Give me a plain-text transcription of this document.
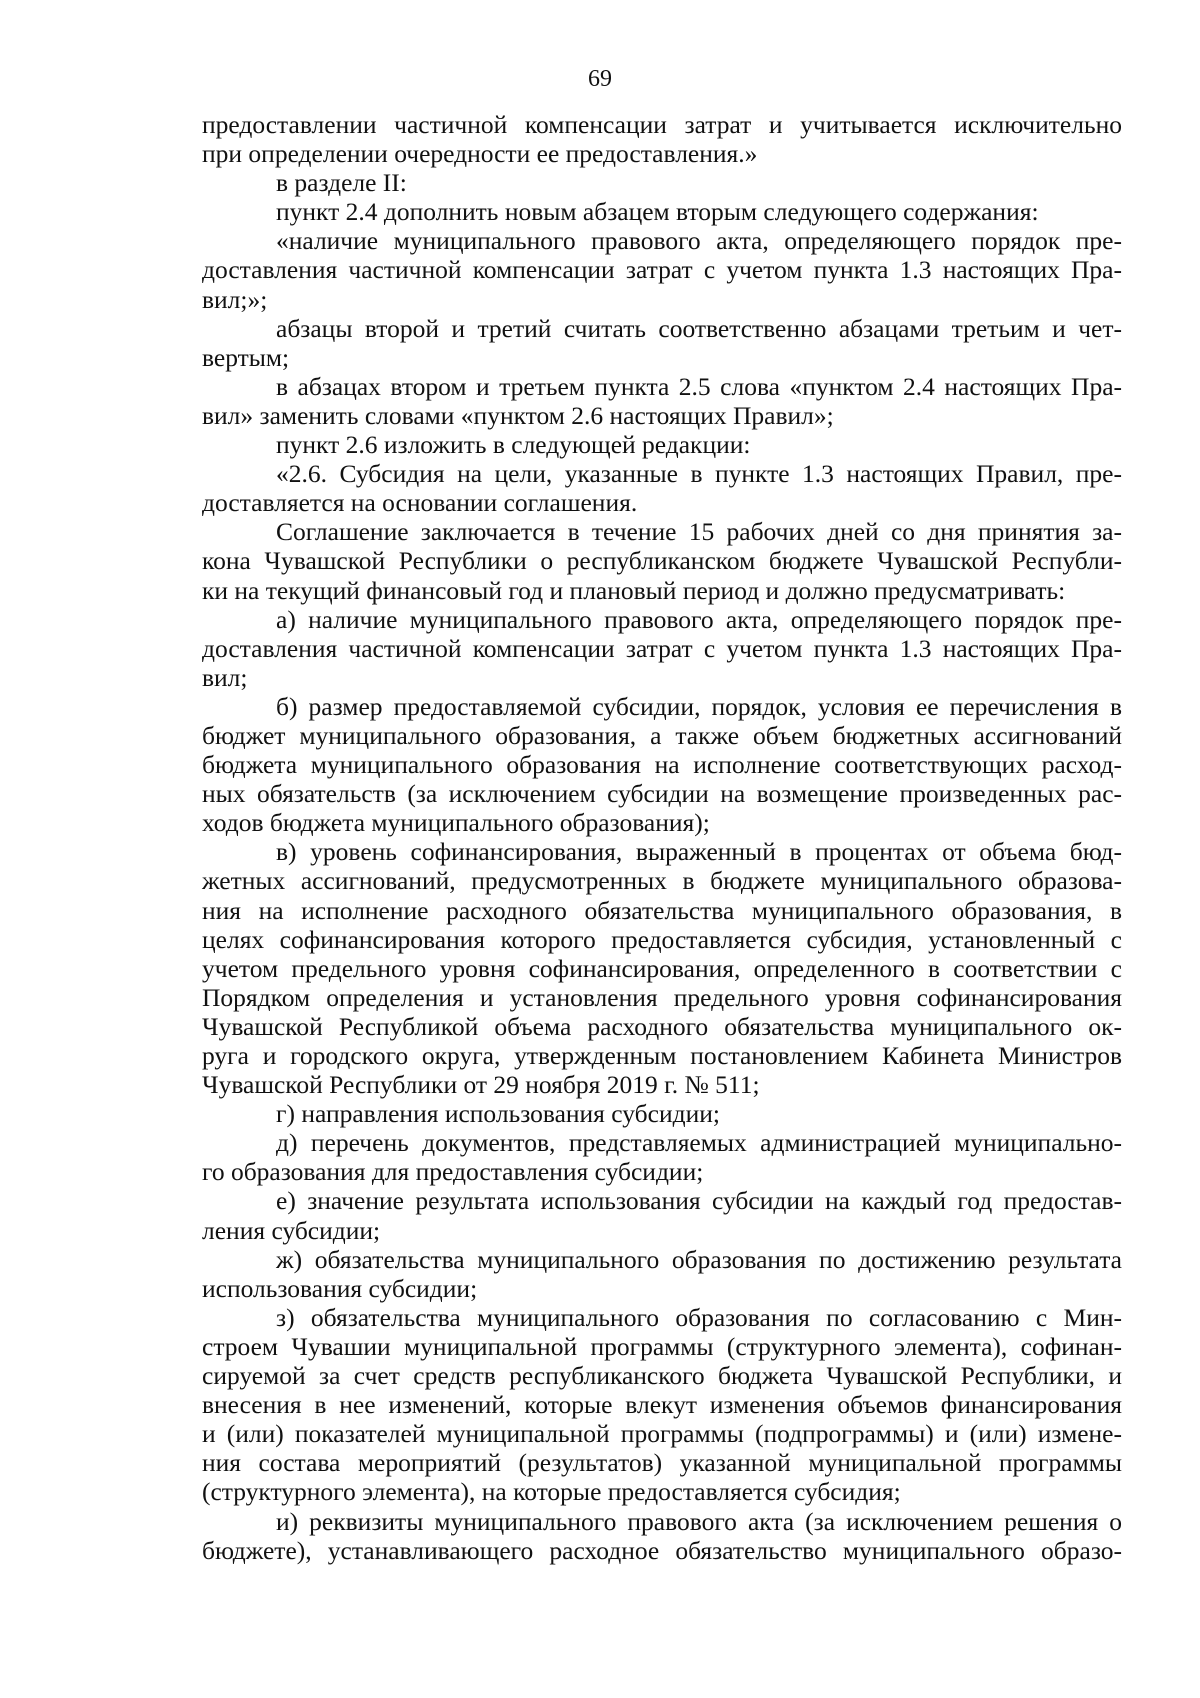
69
предоставлении частичной компенсации затрат и учитывается исключительно
при определении очередности ее предоставления.»
в разделе II:
пункт 2.4 дополнить новым абзацем вторым следующего содержания:
«наличие муниципального правового акта, определяющего порядок пре-
доставления частичной компенсации затрат с учетом пункта 1.3 настоящих Пра-
вил;»;
абзацы второй и третий считать соответственно абзацами третьим и чет-
вертым;
в абзацах втором и третьем пункта 2.5 слова «пунктом 2.4 настоящих Пра-
вил» заменить словами «пунктом 2.6 настоящих Правил»;
пункт 2.6 изложить в следующей редакции:
«2.6. Субсидия на цели, указанные в пункте 1.3 настоящих Правил, пре-
доставляется на основании соглашения.
Соглашение заключается в течение 15 рабочих дней со дня принятия за-
кона Чувашской Республики о республиканском бюджете Чувашской Республи-
ки на текущий финансовый год и плановый период и должно предусматривать:
а) наличие муниципального правового акта, определяющего порядок пре-
доставления частичной компенсации затрат с учетом пункта 1.3 настоящих Пра-
вил;
б) размер предоставляемой субсидии, порядок, условия ее перечисления в
бюджет муниципального образования, а также объем бюджетных ассигнований
бюджета муниципального образования на исполнение соответствующих расход-
ных обязательств (за исключением субсидии на возмещение произведенных рас-
ходов бюджета муниципального образования);
в) уровень софинансирования, выраженный в процентах от объема бюд-
жетных ассигнований, предусмотренных в бюджете муниципального образова-
ния на исполнение расходного обязательства муниципального образования, в
целях софинансирования которого предоставляется субсидия, установленный с
учетом предельного уровня софинансирования, определенного в соответствии с
Порядком определения и установления предельного уровня софинансирования
Чувашской Республикой объема расходного обязательства муниципального ок-
руга и городского округа, утвержденным постановлением Кабинета Министров
Чувашской Республики от 29 ноября 2019 г. № 511;
г) направления использования субсидии;
д) перечень документов, представляемых администрацией муниципально-
го образования для предоставления субсидии;
е) значение результата использования субсидии на каждый год предостав-
ления субсидии;
ж) обязательства муниципального образования по достижению результата
использования субсидии;
з) обязательства муниципального образования по согласованию с Мин-
строем Чувашии муниципальной программы (структурного элемента), софинан-
сируемой за счет средств республиканского бюджета Чувашской Республики, и
внесения в нее изменений, которые влекут изменения объемов финансирования
и (или) показателей муниципальной программы (подпрограммы) и (или) измене-
ния состава мероприятий (результатов) указанной муниципальной программы
(структурного элемента), на которые предоставляется субсидия;
и) реквизиты муниципального правового акта (за исключением решения о
бюджете), устанавливающего расходное обязательство муниципального образо-
